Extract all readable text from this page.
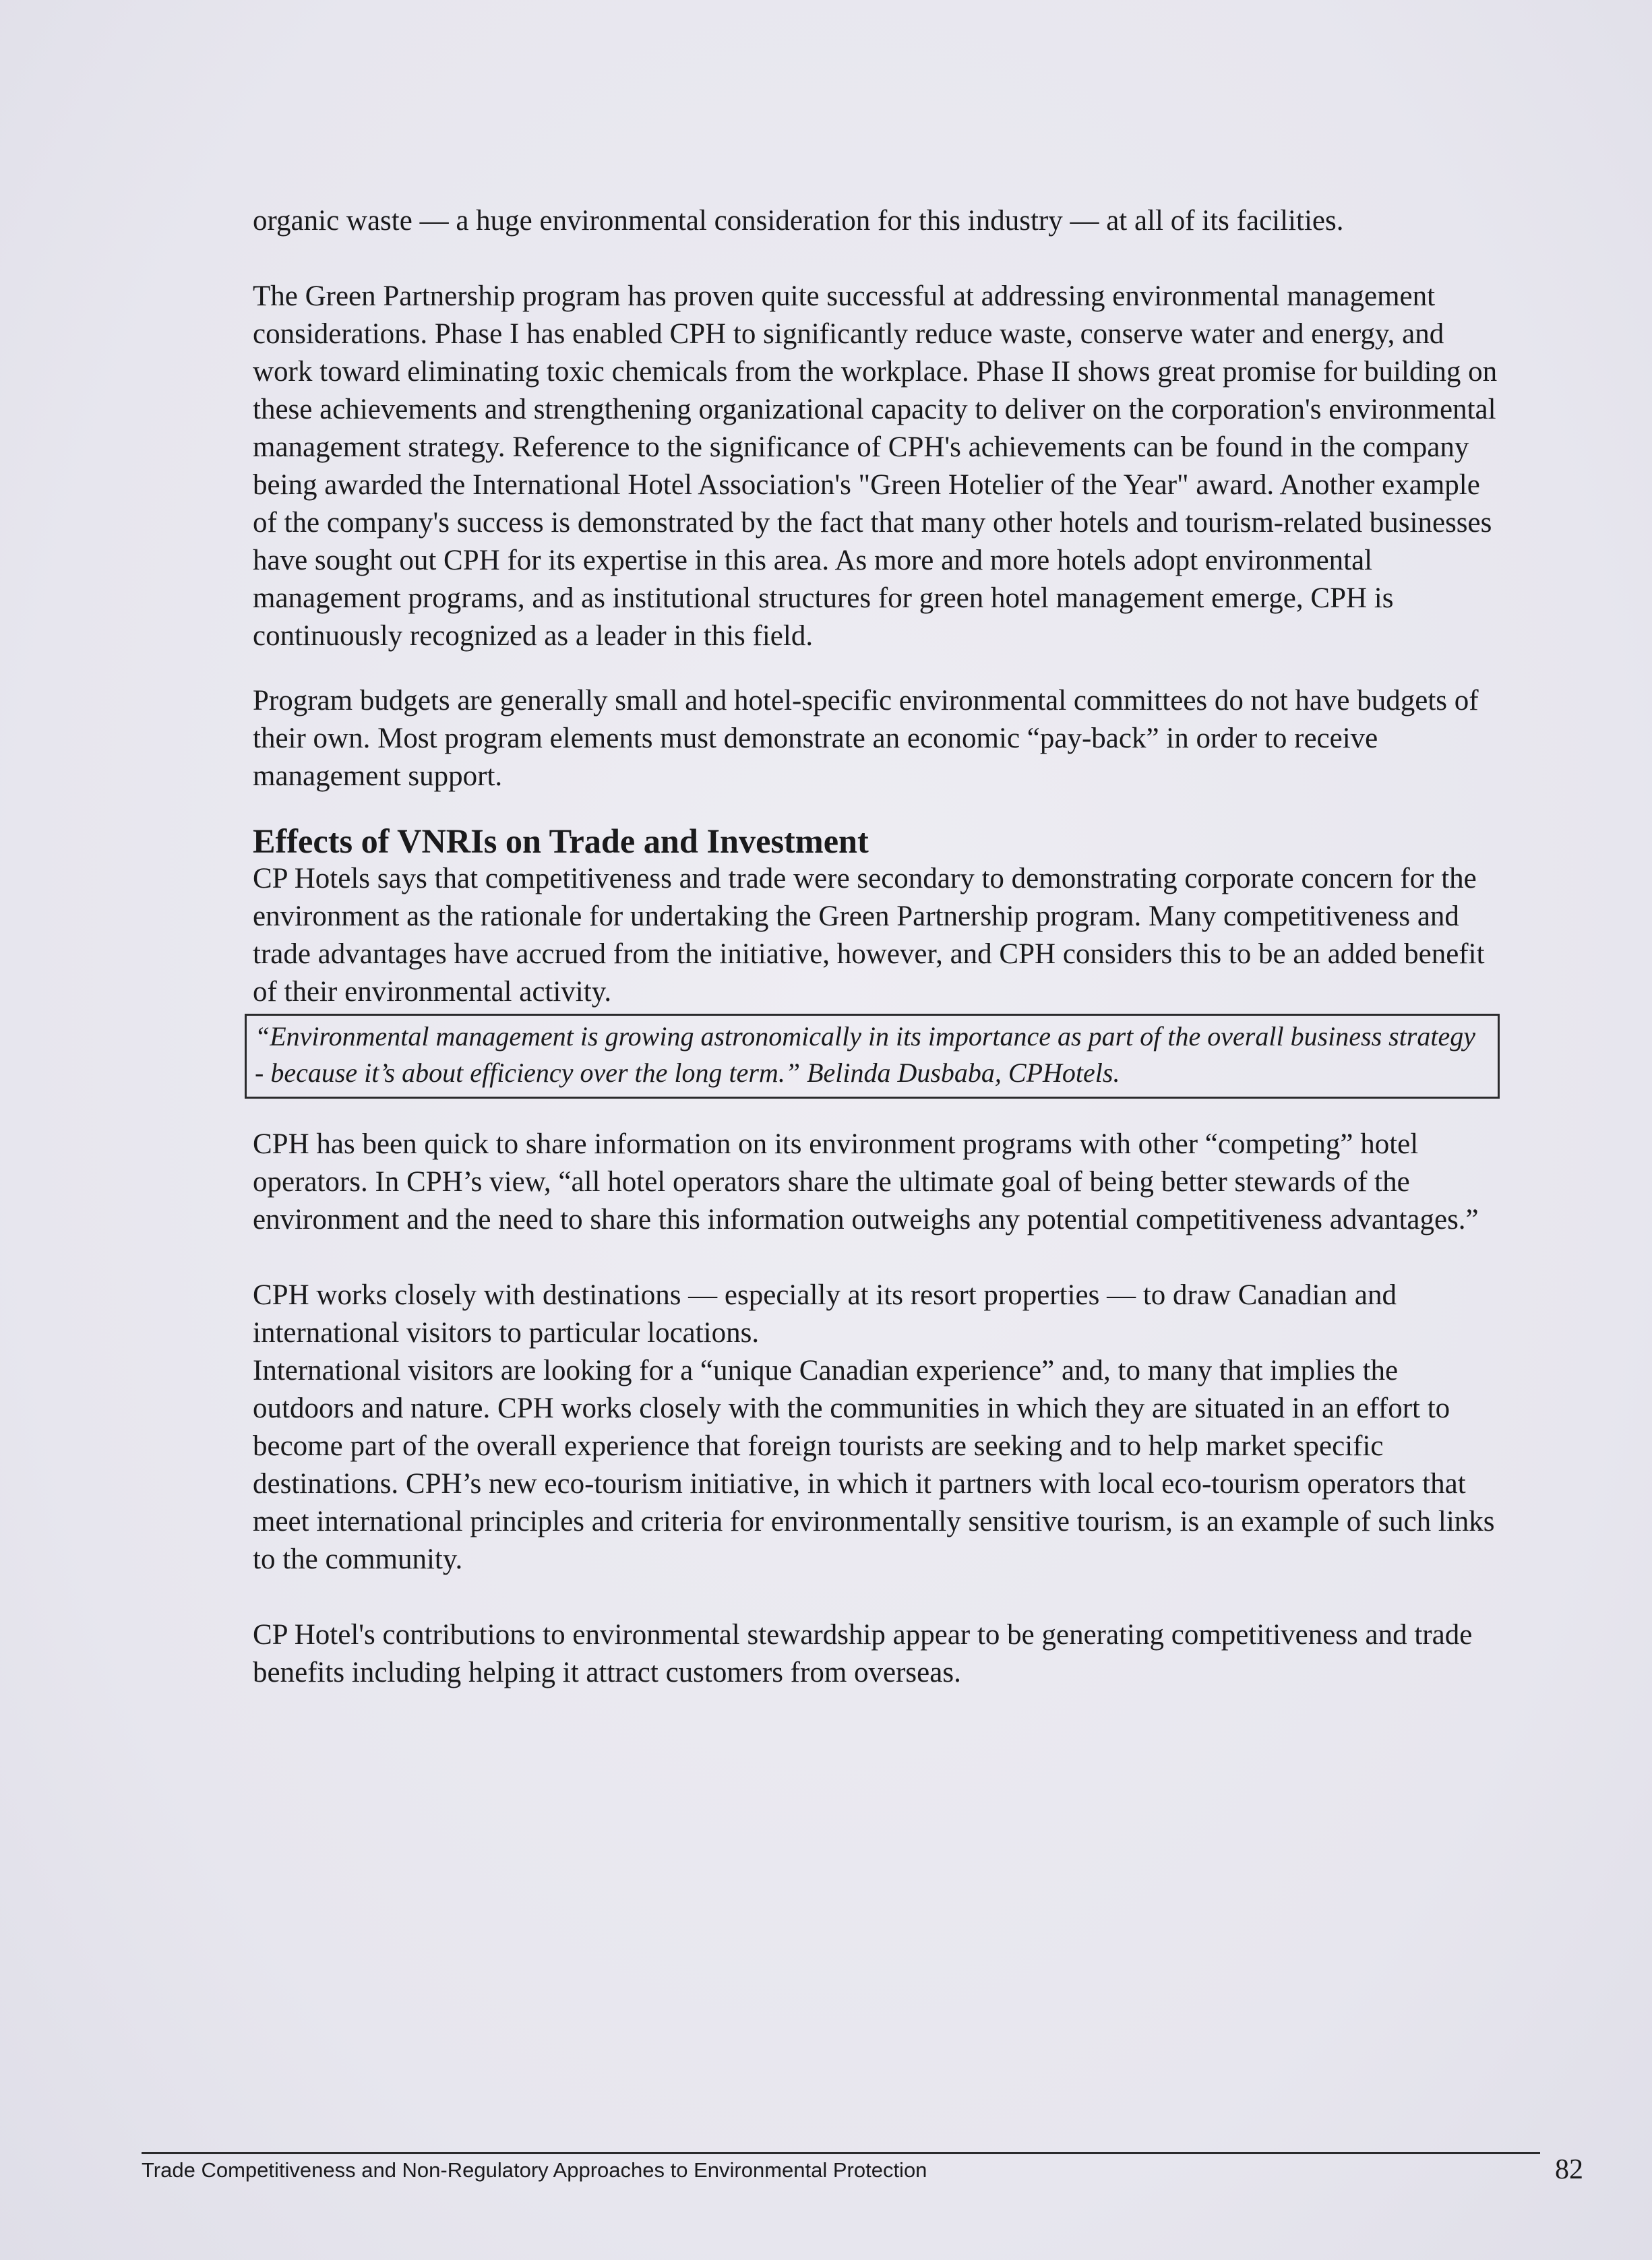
organic waste — a huge environmental consideration for this industry — at all of its facilities.

The Green Partnership program has proven quite successful at addressing environmental management considerations. Phase I has enabled CPH to significantly reduce waste, conserve water and energy, and work toward eliminating toxic chemicals from the workplace. Phase II shows great promise for building on these achievements and strengthening organizational capacity to deliver on the corporation's environmental management strategy. Reference to the significance of CPH's achievements can be found in the company being awarded the International Hotel Association's "Green Hotelier of the Year" award. Another example of the company's success is demonstrated by the fact that many other hotels and tourism-related businesses have sought out CPH for its expertise in this area. As more and more hotels adopt environmental management programs, and as institutional structures for green hotel management emerge, CPH is continuously recognized as a leader in this field.

Program budgets are generally small and hotel-specific environmental committees do not have budgets of their own. Most program elements must demonstrate an economic “pay-back” in order to receive management support.

Effects of VNRIs on Trade and Investment

CP Hotels says that competitiveness and trade were secondary to demonstrating corporate concern for the environment as the rationale for undertaking the Green Partnership program. Many competitiveness and trade advantages have accrued from the initiative, however, and CPH considers this to be an added benefit of their environmental activity.

“Environmental management is growing astronomically in its importance as part of the overall business strategy - because it’s about efficiency over the long term.” Belinda Dusbaba, CPHotels.

CPH has been quick to share information on its environment programs with other “competing” hotel operators. In CPH’s view, “all hotel operators share the ultimate goal of being better stewards of the environment and the need to share this information outweighs any potential competitiveness advantages.”

CPH works closely with destinations — especially at its resort properties — to draw Canadian and international visitors to particular locations.

International visitors are looking for a “unique Canadian experience” and, to many that implies the outdoors and nature. CPH works closely with the communities in which they are situated in an effort to become part of the overall experience that foreign tourists are seeking and to help market specific destinations. CPH’s new eco-tourism initiative, in which it partners with local eco-tourism operators that meet international principles and criteria for environmentally sensitive tourism, is an example of such links to the community.

CP Hotel's contributions to environmental stewardship appear to be generating competitiveness and trade benefits including helping it attract customers from overseas.

Trade Competitiveness and Non-Regulatory Approaches to Environmental Protection	82
